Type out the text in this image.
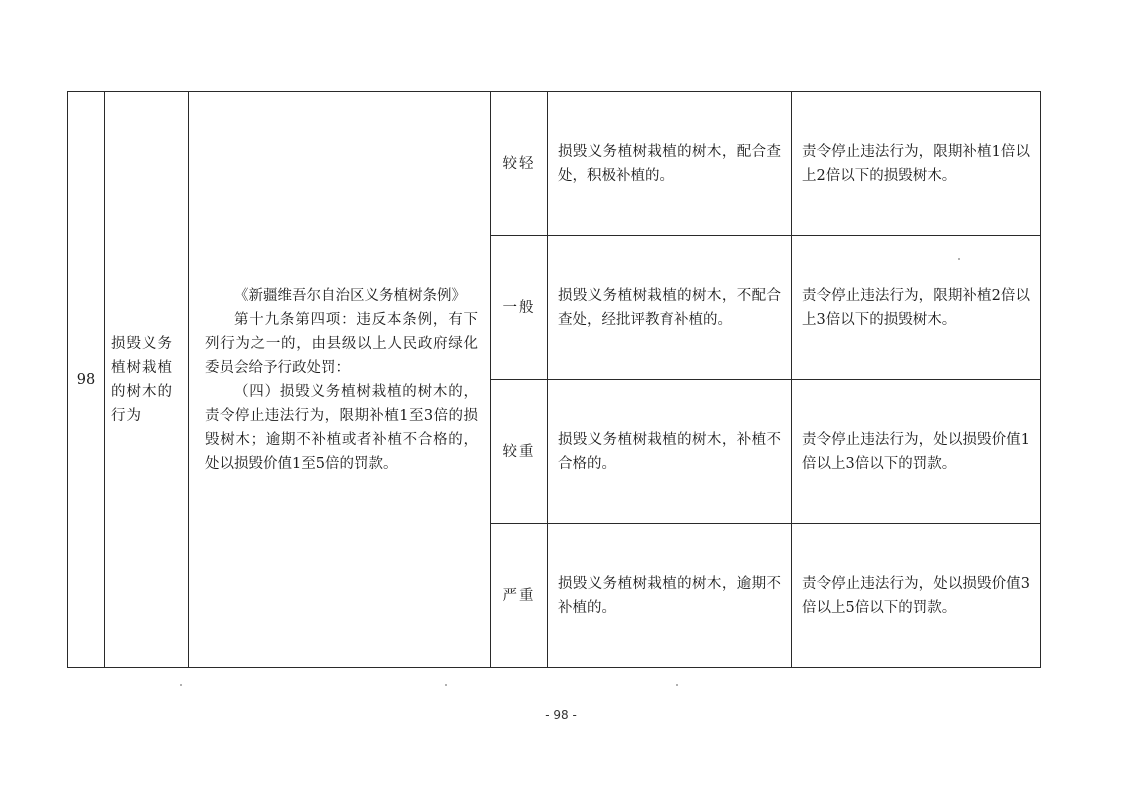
98	损毁义务植树栽植的树木的行为	《新疆维吾尔自治区义务植树条例》
第十九条第四项：违反本条例，有下列行为之一的，由县级以上人民政府绿化委员会给予行政处罚：
（四）损毁义务植树栽植的树木的，责令停止违法行为，限期补植1至3倍的损毁树木；逾期不补植或者补植不合格的，处以损毁价值1至5倍的罚款。	较轻	损毁义务植树栽植的树木，配合查处，积极补植的。	责令停止违法行为，限期补植1倍以上2倍以下的损毁树木。

			一般	损毁义务植树栽植的树木，不配合查处，经批评教育补植的。	责令停止违法行为，限期补植2倍以上3倍以下的损毁树木。

			较重	损毁义务植树栽植的树木，补植不合格的。	责令停止违法行为，处以损毁价值1倍以上3倍以下的罚款。

			严重	损毁义务植树栽植的树木，逾期不补植的。	责令停止违法行为，处以损毁价值3倍以上5倍以下的罚款。
- 98 -
